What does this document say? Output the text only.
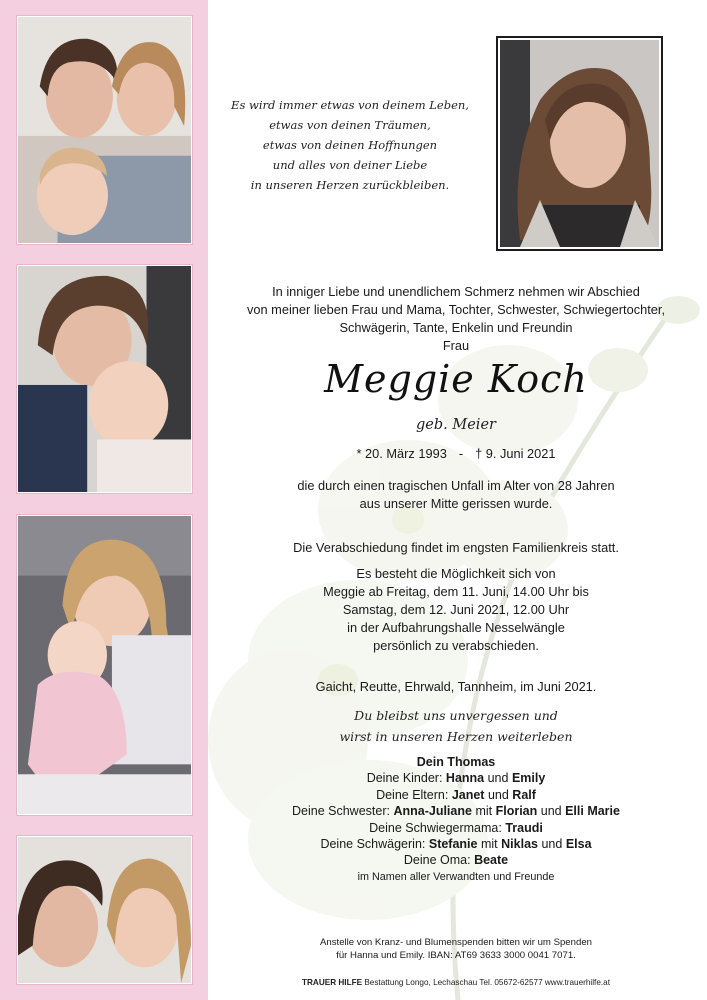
Es wird immer etwas von deinem Leben,
etwas von deinen Träumen,
etwas von deinen Hoffnungen
und alles von deiner Liebe
in unseren Herzen zurückbleiben.
In inniger Liebe und unendlichem Schmerz nehmen wir Abschied
von meiner lieben Frau und Mama, Tochter, Schwester, Schwiegertochter,
Schwägerin, Tante, Enkelin und Freundin
Frau
Meggie Koch
geb. Meier
* 20. März 1993 - † 9. Juni 2021
die durch einen tragischen Unfall im Alter von 28 Jahren
aus unserer Mitte gerissen wurde.
Die Verabschiedung findet im engsten Familienkreis statt.
Es besteht die Möglichkeit sich von
Meggie ab Freitag, dem 11. Juni, 14.00 Uhr bis
Samstag, dem 12. Juni 2021, 12.00 Uhr
in der Aufbahrungshalle Nesselwängle
persönlich zu verabschieden.
Gaicht, Reutte, Ehrwald, Tannheim, im Juni 2021.
Du bleibst uns unvergessen und
wirst in unseren Herzen weiterleben
Dein Thomas
Deine Kinder: Hanna und Emily
Deine Eltern: Janet und Ralf
Deine Schwester: Anna-Juliane mit Florian und Elli Marie
Deine Schwiegermama: Traudi
Deine Schwägerin: Stefanie mit Niklas und Elsa
Deine Oma: Beate
im Namen aller Verwandten und Freunde
Anstelle von Kranz- und Blumenspenden bitten wir um Spenden
für Hanna und Emily. IBAN: AT69 3633 3000 0041 7071.
TRAUER HILFE Bestattung Longo, Lechaschau Tel. 05672-62577 www.trauerhilfe.at
